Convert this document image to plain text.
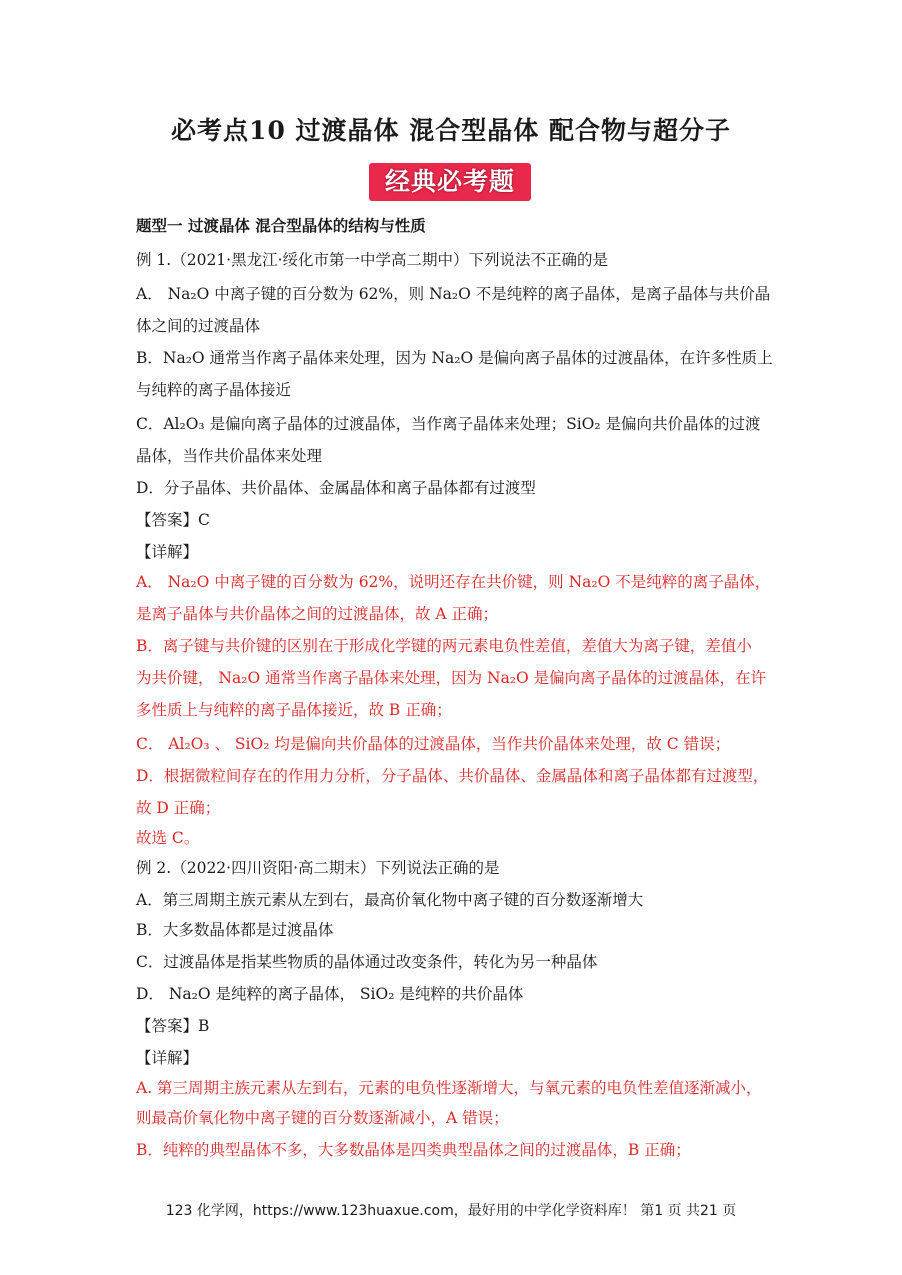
必考点10 过渡晶体 混合型晶体 配合物与超分子
经典必考题
题型一 过渡晶体 混合型晶体的结构与性质
例 1.（2021·黑龙江·绥化市第一中学高二期中）下列说法不正确的是
A． Na₂O 中离子键的百分数为 62%，则 Na₂O 不是纯粹的离子晶体，是离子晶体与共价晶
体之间的过渡晶体
B．Na₂O 通常当作离子晶体来处理，因为 Na₂O 是偏向离子晶体的过渡晶体，在许多性质上
与纯粹的离子晶体接近
C．Al₂O₃ 是偏向离子晶体的过渡晶体，当作离子晶体来处理；SiO₂ 是偏向共价晶体的过渡
晶体，当作共价晶体来处理
D．分子晶体、共价晶体、金属晶体和离子晶体都有过渡型
【答案】C
【详解】
A． Na₂O 中离子键的百分数为 62%，说明还存在共价键，则 Na₂O 不是纯粹的离子晶体，
是离子晶体与共价晶体之间的过渡晶体，故 A 正确；
B．离子键与共价键的区别在于形成化学键的两元素电负性差值，差值大为离子键，差值小
为共价键， Na₂O 通常当作离子晶体来处理，因为 Na₂O 是偏向离子晶体的过渡晶体，在许
多性质上与纯粹的离子晶体接近，故 B 正确；
C． Al₂O₃ 、 SiO₂ 均是偏向共价晶体的过渡晶体，当作共价晶体来处理，故 C 错误；
D．根据微粒间存在的作用力分析，分子晶体、共价晶体、金属晶体和离子晶体都有过渡型，
故 D 正确；
故选 C。
例 2.（2022·四川资阳·高二期末）下列说法正确的是
A．第三周期主族元素从左到右，最高价氧化物中离子键的百分数逐渐增大
B．大多数晶体都是过渡晶体
C．过渡晶体是指某些物质的晶体通过改变条件，转化为另一种晶体
D． Na₂O 是纯粹的离子晶体， SiO₂ 是纯粹的共价晶体
【答案】B
【详解】
A. 第三周期主族元素从左到右，元素的电负性逐渐增大，与氧元素的电负性差值逐渐减小，
则最高价氧化物中离子键的百分数逐渐减小，A 错误；
B．纯粹的典型晶体不多，大多数晶体是四类典型晶体之间的过渡晶体，B 正确；
123 化学网，https://www.123huaxue.com，最好用的中学化学资料库！ 第1 页 共21 页
